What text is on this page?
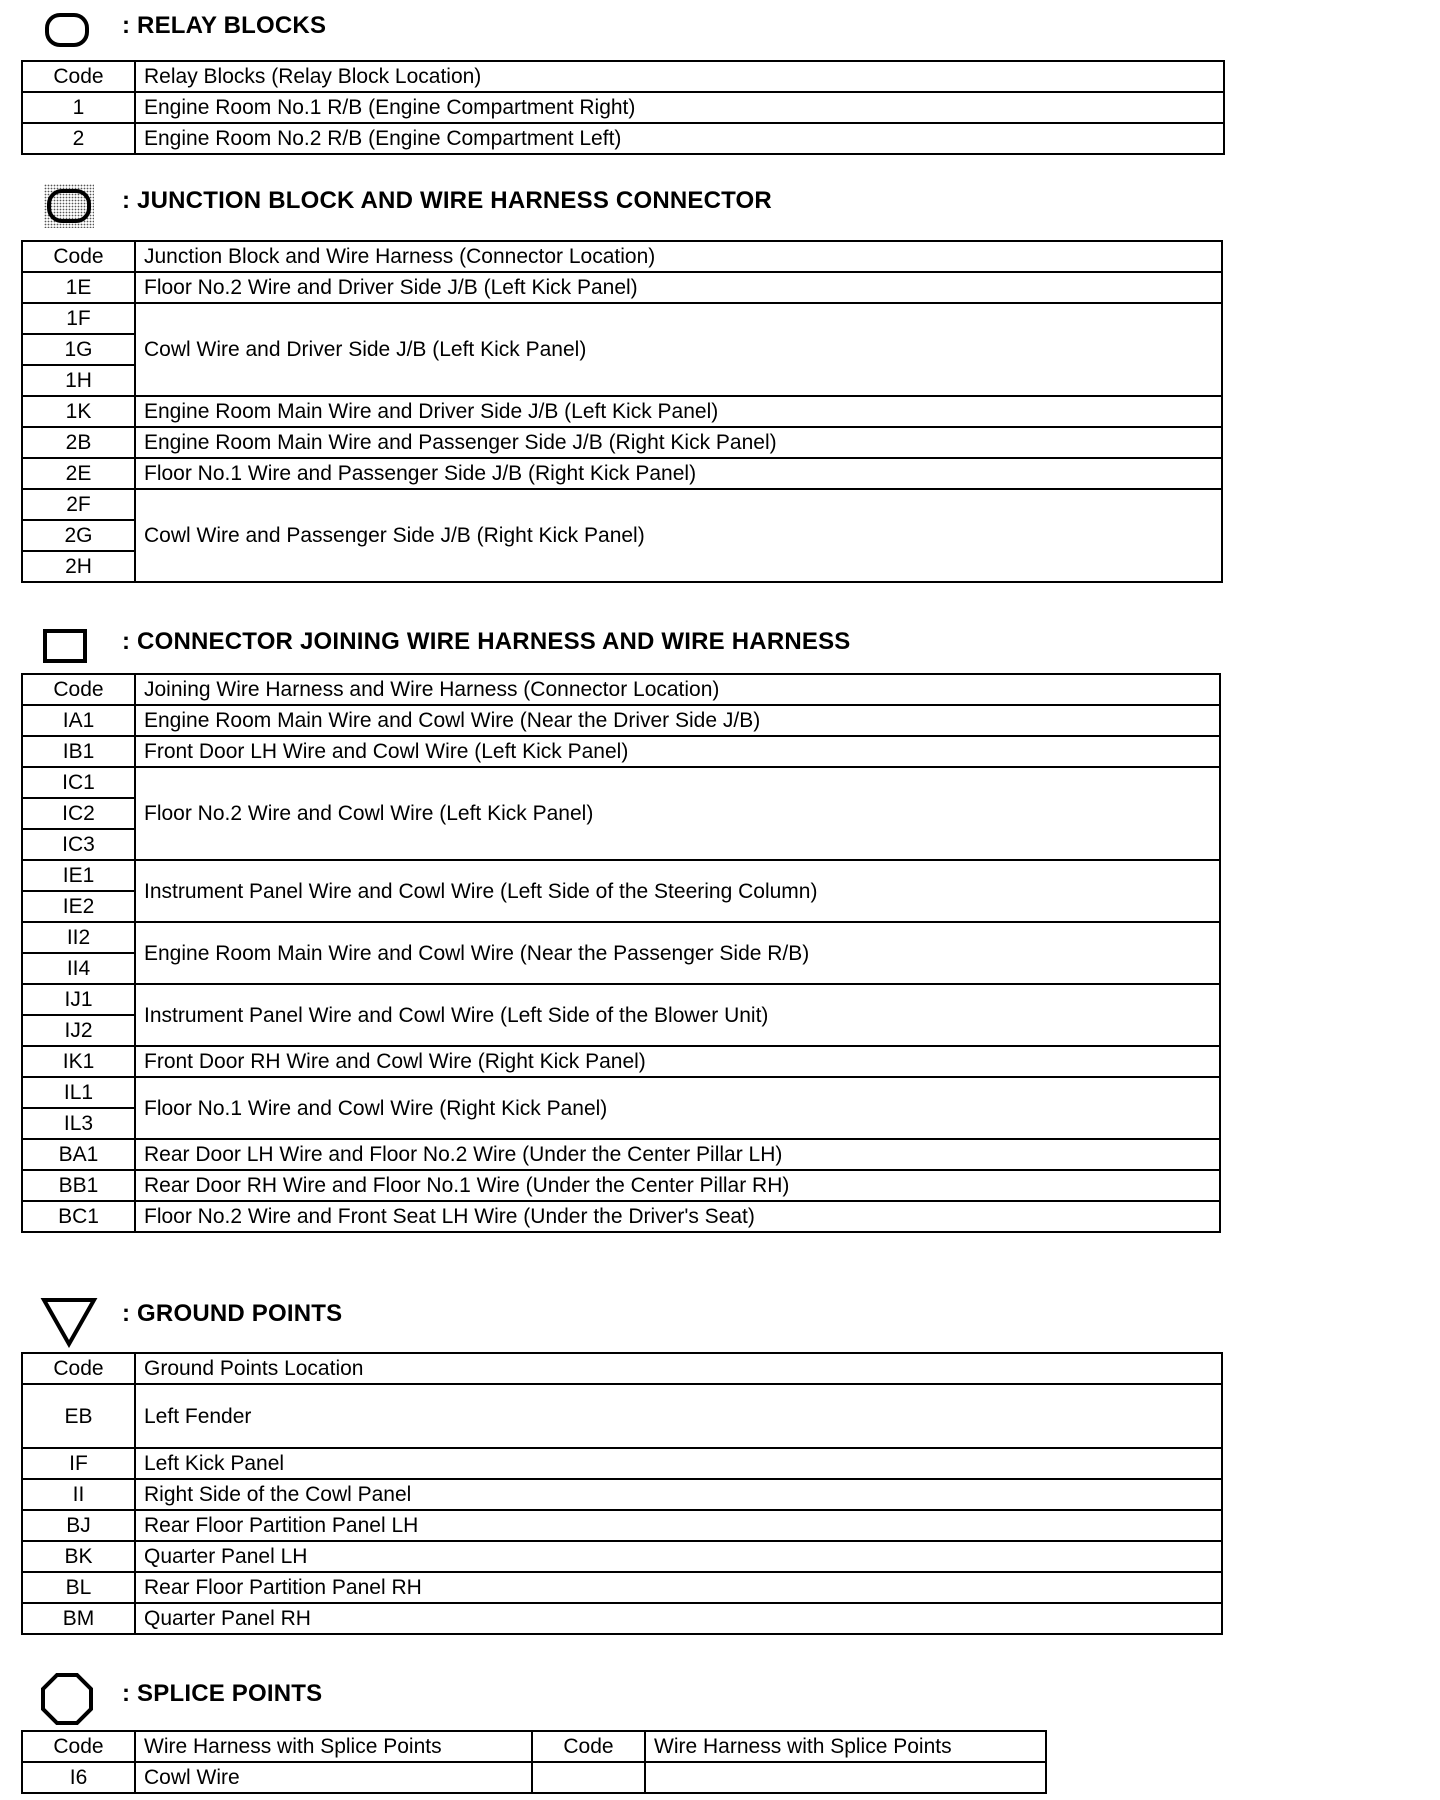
: RELAY BLOCKS
Code	Relay Blocks (Relay Block Location)
1	Engine Room No.1 R/B (Engine Compartment Right)
2	Engine Room No.2 R/B (Engine Compartment Left)
: JUNCTION BLOCK AND WIRE HARNESS CONNECTOR
Code	Junction Block and Wire Harness (Connector Location)
1E	Floor No.2 Wire and Driver Side J/B (Left Kick Panel)
1F	Cowl Wire and Driver Side J/B (Left Kick Panel)
1G	
1H	
1K	Engine Room Main Wire and Driver Side J/B (Left Kick Panel)
2B	Engine Room Main Wire and Passenger Side J/B (Right Kick Panel)
2E	Floor No.1 Wire and Passenger Side J/B (Right Kick Panel)
2F	Cowl Wire and Passenger Side J/B (Right Kick Panel)
2G	
2H	
: CONNECTOR JOINING WIRE HARNESS AND WIRE HARNESS
Code	Joining Wire Harness and Wire Harness (Connector Location)
IA1	Engine Room Main Wire and Cowl Wire (Near the Driver Side J/B)
IB1	Front Door LH Wire and Cowl Wire (Left Kick Panel)
IC1	Floor No.2 Wire and Cowl Wire (Left Kick Panel)
IC2	
IC3	
IE1	Instrument Panel Wire and Cowl Wire (Left Side of the Steering Column)
IE2	
II2	Engine Room Main Wire and Cowl Wire (Near the Passenger Side R/B)
II4	
IJ1	Instrument Panel Wire and Cowl Wire (Left Side of the Blower Unit)
IJ2	
IK1	Front Door RH Wire and Cowl Wire (Right Kick Panel)
IL1	Floor No.1 Wire and Cowl Wire (Right Kick Panel)
IL3	
BA1	Rear Door LH Wire and Floor No.2 Wire (Under the Center Pillar LH)
BB1	Rear Door RH Wire and Floor No.1 Wire (Under the Center Pillar RH)
BC1	Floor No.2 Wire and Front Seat LH Wire (Under the Driver's Seat)
: GROUND POINTS
Code	Ground Points Location
EB	Left Fender
IF	Left Kick Panel
II	Right Side of the Cowl Panel
BJ	Rear Floor Partition Panel LH
BK	Quarter Panel LH
BL	Rear Floor Partition Panel RH
BM	Quarter Panel RH
: SPLICE POINTS
Code	Wire Harness with Splice Points	Code	Wire Harness with Splice Points
I6	Cowl Wire		
